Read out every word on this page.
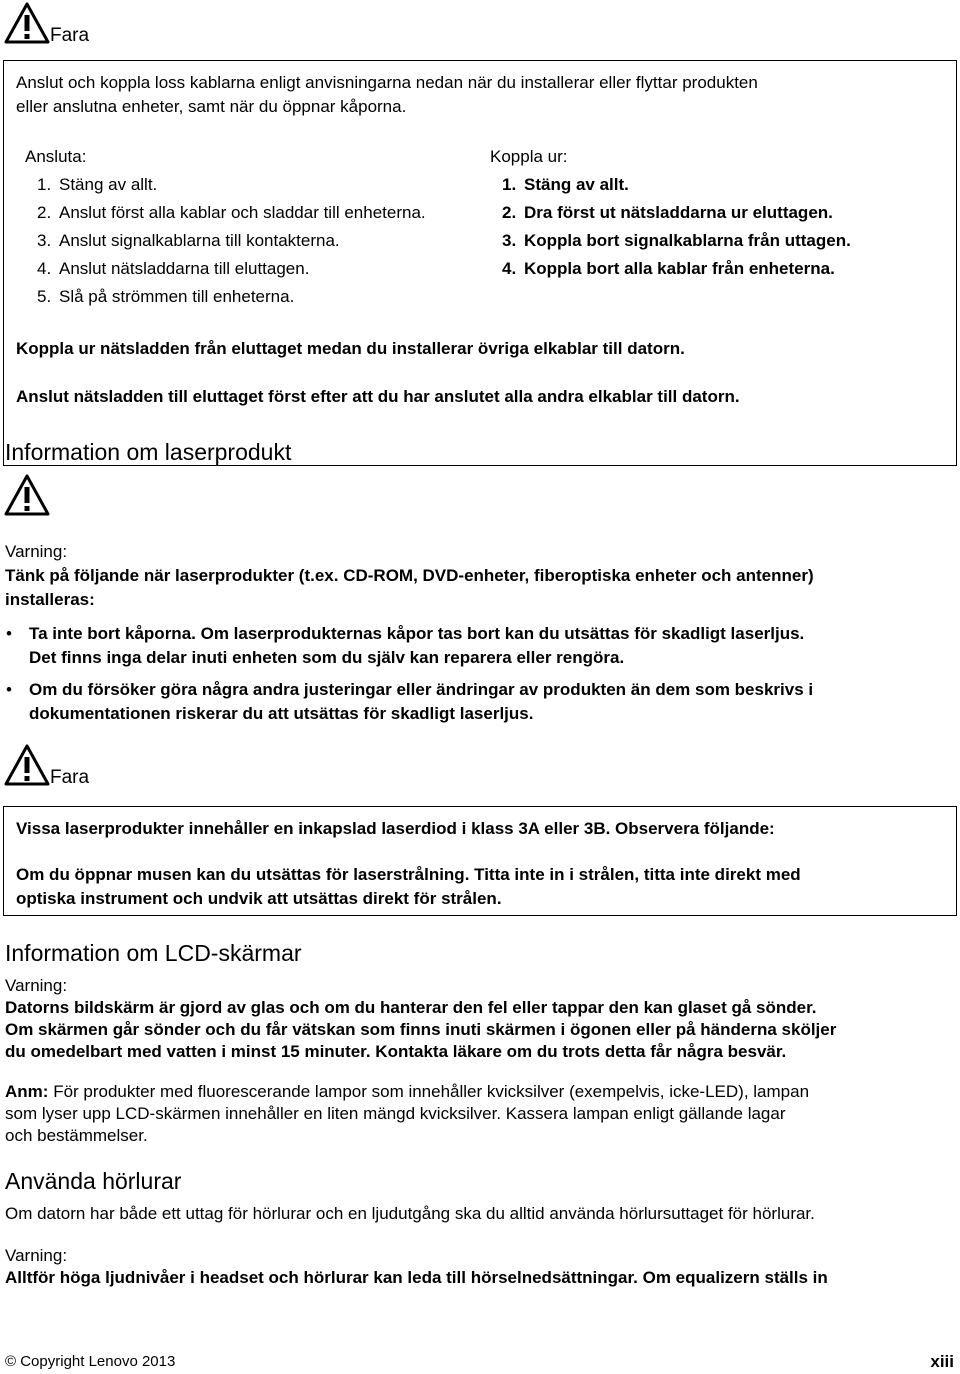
Fara
Anslut och koppla loss kablarna enligt anvisningarna nedan när du installerar eller flyttar produkten
eller anslutna enheter, samt när du öppnar kåporna.
Ansluta:
1. Stäng av allt.
2. Anslut först alla kablar och sladdar till enheterna.
3. Anslut signalkablarna till kontakterna.
4. Anslut nätsladdarna till eluttagen.
5. Slå på strömmen till enheterna.
Koppla ur:
1. Stäng av allt.
2. Dra först ut nätsladdarna ur eluttagen.
3. Koppla bort signalkablarna från uttagen.
4. Koppla bort alla kablar från enheterna.
Koppla ur nätsladden från eluttaget medan du installerar övriga elkablar till datorn.
Anslut nätsladden till eluttaget först efter att du har anslutet alla andra elkablar till datorn.
Information om laserprodukt
Varning:
Tänk på följande när laserprodukter (t.ex. CD-ROM, DVD-enheter, fiberoptiska enheter och antenner)
installeras:
• Ta inte bort kåporna. Om laserprodukternas kåpor tas bort kan du utsättas för skadligt laserljus.
Det finns inga delar inuti enheten som du själv kan reparera eller rengöra.
• Om du försöker göra några andra justeringar eller ändringar av produkten än dem som beskrivs i
dokumentationen riskerar du att utsättas för skadligt laserljus.
Fara
Vissa laserprodukter innehåller en inkapslad laserdiod i klass 3A eller 3B. Observera följande:
Om du öppnar musen kan du utsättas för laserstrålning. Titta inte in i strålen, titta inte direkt med
optiska instrument och undvik att utsättas direkt för strålen.
Information om LCD-skärmar
Varning:
Datorns bildskärm är gjord av glas och om du hanterar den fel eller tappar den kan glaset gå sönder.
Om skärmen går sönder och du får vätskan som finns inuti skärmen i ögonen eller på händerna sköljer
du omedelbart med vatten i minst 15 minuter. Kontakta läkare om du trots detta får några besvär.
Anm: För produkter med fluorescerande lampor som innehåller kvicksilver (exempelvis, icke-LED), lampan
som lyser upp LCD-skärmen innehåller en liten mängd kvicksilver. Kassera lampan enligt gällande lagar
och bestämmelser.
Använda hörlurar
Om datorn har både ett uttag för hörlurar och en ljudutgång ska du alltid använda hörlursuttaget för hörlurar.
Varning:
Alltför höga ljudnivåer i headset och hörlurar kan leda till hörselnedsättningar. Om equalizern ställs in
© Copyright Lenovo 2013	xiii
